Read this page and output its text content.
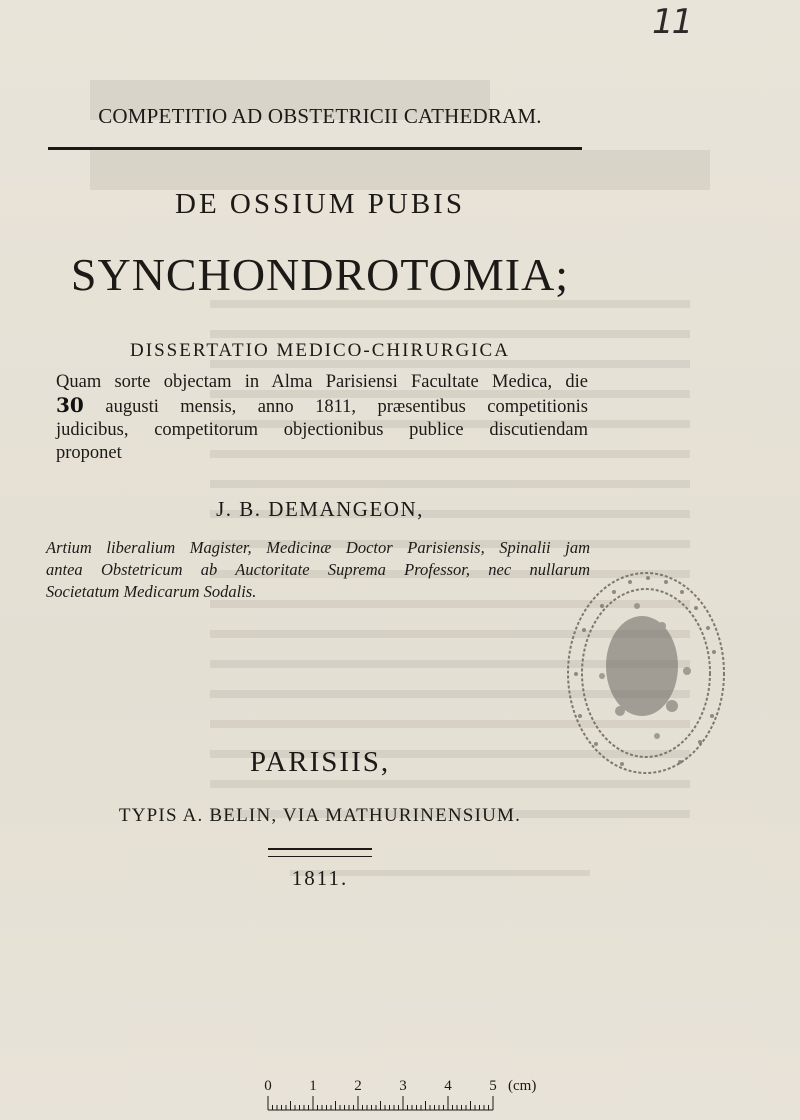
11
COMPETITIO AD OBSTETRICII CATHEDRAM.
DE OSSIUM PUBIS
SYNCHONDROTOMIA;
DISSERTATIO MEDICO-CHIRURGICA
Quam sorte objectam in Alma Parisiensi Facultate Medica, die
30 augusti mensis, anno 1811, præsentibus competitionis
judicibus, competitorum objectionibus publice discutiendam
proponet
J. B. DEMANGEON,
Artium liberalium Magister, Medicinæ Doctor Parisiensis, Spinalii jam
antea Obstetricum ab Auctoritate Suprema Professor, nec nullarum
Societatum Medicarum Sodalis.
PARISIIS,
TYPIS A. BELIN, VIA MATHURINENSIUM.
1811.
0	1	2	3	4	5 (cm)
